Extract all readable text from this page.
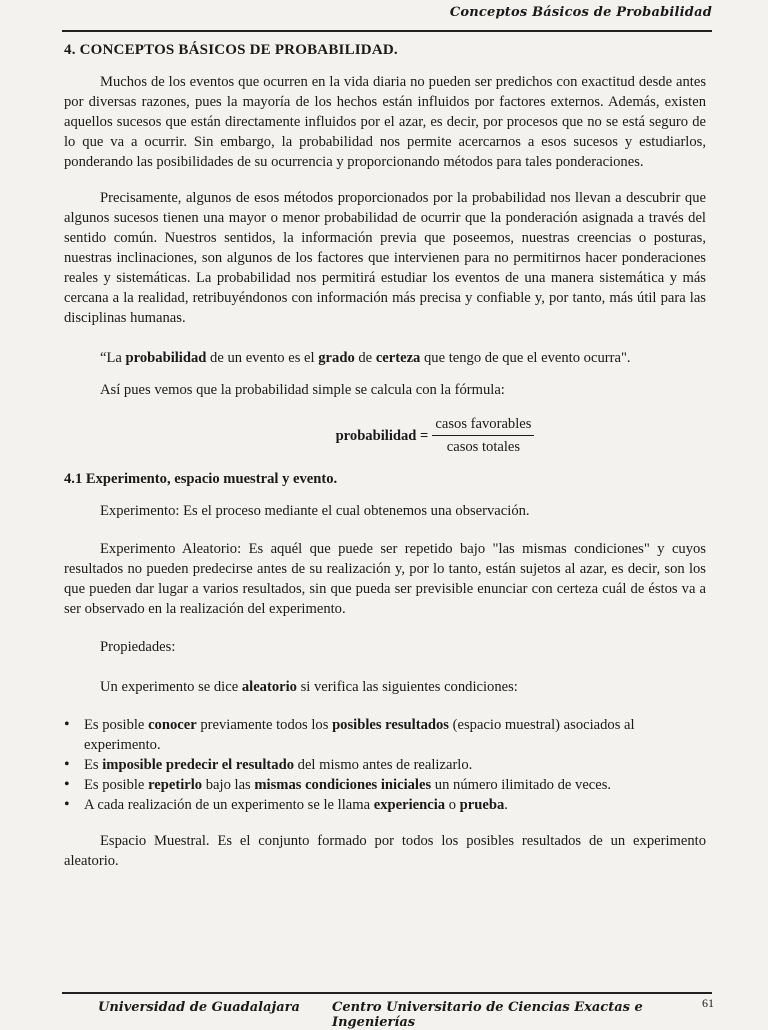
Conceptos Básicos de Probabilidad
4. CONCEPTOS BÁSICOS DE PROBABILIDAD.

Muchos de los eventos que ocurren en la vida diaria no pueden ser predichos con exactitud desde antes por diversas razones, pues la mayoría de los hechos están influidos por factores externos. Además, existen aquellos sucesos que están directamente influidos por el azar, es decir, por procesos que no se está seguro de lo que va a ocurrir. Sin embargo, la probabilidad nos permite acercarnos a esos sucesos y estudiarlos, ponderando las posibilidades de su ocurrencia y proporcionando métodos para tales ponderaciones.

Precisamente, algunos de esos métodos proporcionados por la probabilidad nos llevan a descubrir que algunos sucesos tienen una mayor o menor probabilidad de ocurrir que la ponderación asignada a través del sentido común. Nuestros sentidos, la información previa que poseemos, nuestras creencias o posturas, nuestras inclinaciones, son algunos de los factores que intervienen para no permitirnos hacer ponderaciones reales y sistemáticas. La probabilidad nos permitirá estudiar los eventos de una manera sistemática y más cercana a la realidad, retribuyéndonos con información más precisa y confiable y, por tanto, más útil para las disciplinas humanas.

“La probabilidad de un evento es el grado de certeza que tengo de que el evento ocurra".

Así pues vemos que la probabilidad simple se calcula con la fórmula:

probabilidad = $\frac{\text{casos favorables}}{\text{casos totales}}$
4.1 Experimento, espacio muestral y evento.

Experimento: Es el proceso mediante el cual obtenemos una observación.

Experimento Aleatorio: Es aquél que puede ser repetido bajo "las mismas condiciones" y cuyos resultados no pueden predecirse antes de su realización y, por lo tanto, están sujetos al azar, es decir, son los que pueden dar lugar a varios resultados, sin que pueda ser previsible enunciar con certeza cuál de éstos va a ser observado en la realización del experimento.

Propiedades:

Un experimento se dice aleatorio si verifica las siguientes condiciones:

• Es posible conocer previamente todos los posibles resultados (espacio muestral) asociados al experimento.
• Es imposible predecir el resultado del mismo antes de realizarlo.
• Es posible repetirlo bajo las mismas condiciones iniciales un número ilimitado de veces.
• A cada realización de un experimento se le llama experiencia o prueba.

Espacio Muestral. Es el conjunto formado por todos los posibles resultados de un experimento aleatorio.

Universidad de Guadalajara Centro Universitario de Ciencias Exactas e Ingenierías
61
